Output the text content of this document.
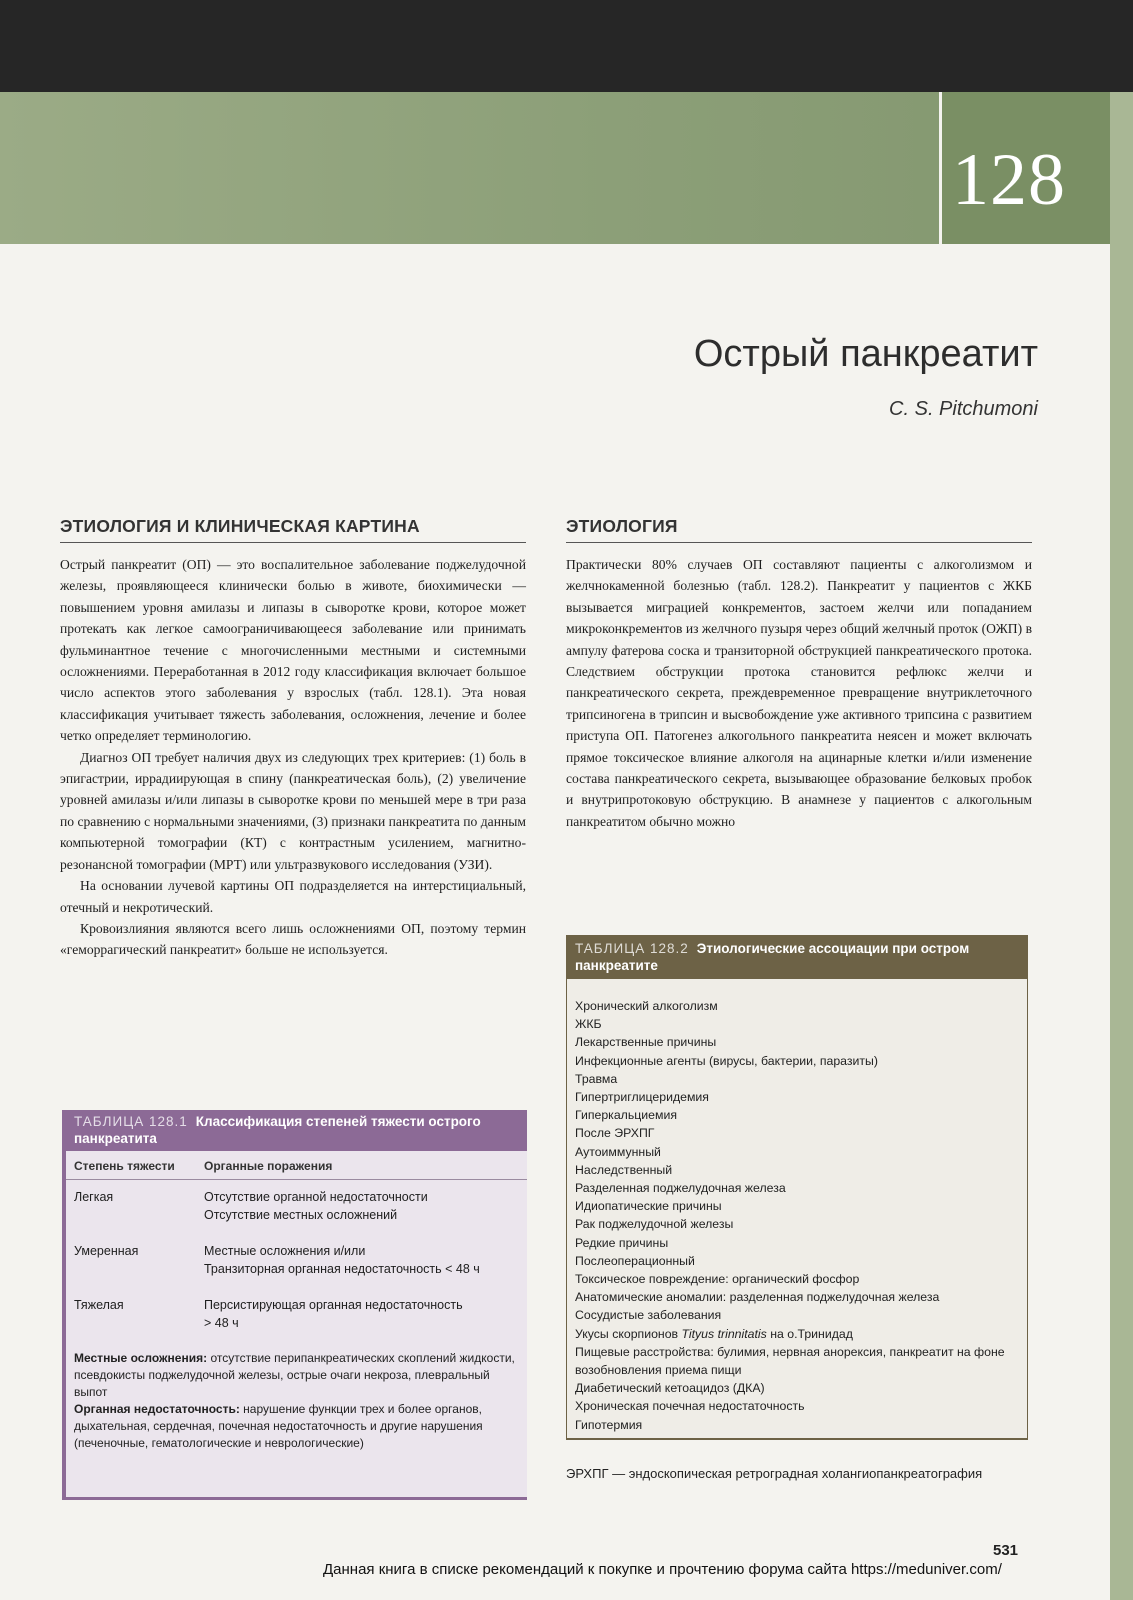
128
Острый панкреатит
C. S. Pitchumoni
ЭТИОЛОГИЯ И КЛИНИЧЕСКАЯ КАРТИНА

Острый панкреатит (ОП) — это воспалительное заболевание поджелудочной железы, проявляющееся клинически болью в животе, биохимически — повышением уровня амилазы и липазы в сыворотке крови, которое может протекать как легкое самоограничивающееся заболевание или принимать фульминантное течение с многочисленными местными и системными осложнениями. Переработанная в 2012 году классификация включает большое число аспектов этого заболевания у взрослых (табл. 128.1). Эта новая классификация учитывает тяжесть заболевания, осложнения, лечение и более четко определяет терминологию.

Диагноз ОП требует наличия двух из следующих трех критериев: (1) боль в эпигастрии, иррадиирующая в спину (панкреатическая боль), (2) увеличение уровней амилазы и/или липазы в сыворотке крови по меньшей мере в три раза по сравнению с нормальными значениями, (3) признаки панкреатита по данным компьютерной томографии (КТ) с контрастным усилением, магнитно-резонансной томографии (МРТ) или ультразвукового исследования (УЗИ).

На основании лучевой картины ОП подразделяется на интерстициальный, отечный и некротический.

Кровоизлияния являются всего лишь осложнениями ОП, поэтому термин «геморрагический панкреатит» больше не используется.

ЭТИОЛОГИЯ

Практически 80% случаев ОП составляют пациенты с алкоголизмом и желчнокаменной болезнью (табл. 128.2). Панкреатит у пациентов с ЖКБ вызывается миграцией конкрементов, застоем желчи или попаданием микроконкрементов из желчного пузыря через общий желчный проток (ОЖП) в ампулу фатерова соска и транзиторной обструкцией панкреатического протока. Следствием обструкции протока становится рефлюкс желчи и панкреатического секрета, преждевременное превращение внутриклеточного трипсиногена в трипсин и высвобождение уже активного трипсина с развитием приступа ОП. Патогенез алкогольного панкреатита неясен и может включать прямое токсическое влияние алкоголя на ацинарные клетки и/или изменение состава панкреатического секрета, вызывающее образование белковых пробок и внутрипротоковую обструкцию. В анамнезе у пациентов с алкогольным панкреатитом обычно можно

ТАБЛИЦА 128.1 Классификация степеней тяжести острого панкреатита
Степень тяжести	Органные поражения
Легкая	Отсутствие органной недостаточности
Отсутствие местных осложнений
Умеренная	Местные осложнения и/или
Транзиторная органная недостаточность < 48 ч
Тяжелая	Персистирующая органная недостаточность
> 48 ч
Местные осложнения: отсутствие перипанкреатических скоплений жидкости, псевдокисты поджелудочной железы, острые очаги некроза, плевральный выпот
Органная недостаточность: нарушение функции трех и более органов, дыхательная, сердечная, почечная недостаточность и другие нарушения (печеночные, гематологические и неврологические)
ТАБЛИЦА 128.2 Этиологические ассоциации при остром панкреатите
Хронический алкоголизм
ЖКБ
Лекарственные причины
Инфекционные агенты (вирусы, бактерии, паразиты)
Травма
Гипертриглицеридемия
Гиперкальциемия
После ЭРХПГ
Аутоиммунный
Наследственный
Разделенная поджелудочная железа
Идиопатические причины
Рак поджелудочной железы
Редкие причины
Послеоперационный
Токсическое повреждение: органический фосфор
Анатомические аномалии: разделенная поджелудочная железа
Сосудистые заболевания
Укусы скорпионов Tityus trinnitatis на о.Тринидад
Пищевые расстройства: булимия, нервная анорексия, панкреатит на фоне возобновления приема пищи
Диабетический кетоацидоз (ДКА)
Хроническая почечная недостаточность
Гипотермия
ЭРХПГ — эндоскопическая ретроградная холангиопанкреатография
531
Данная книга в списке рекомендаций к покупке и прочтению форума сайта https://meduniver.com/
